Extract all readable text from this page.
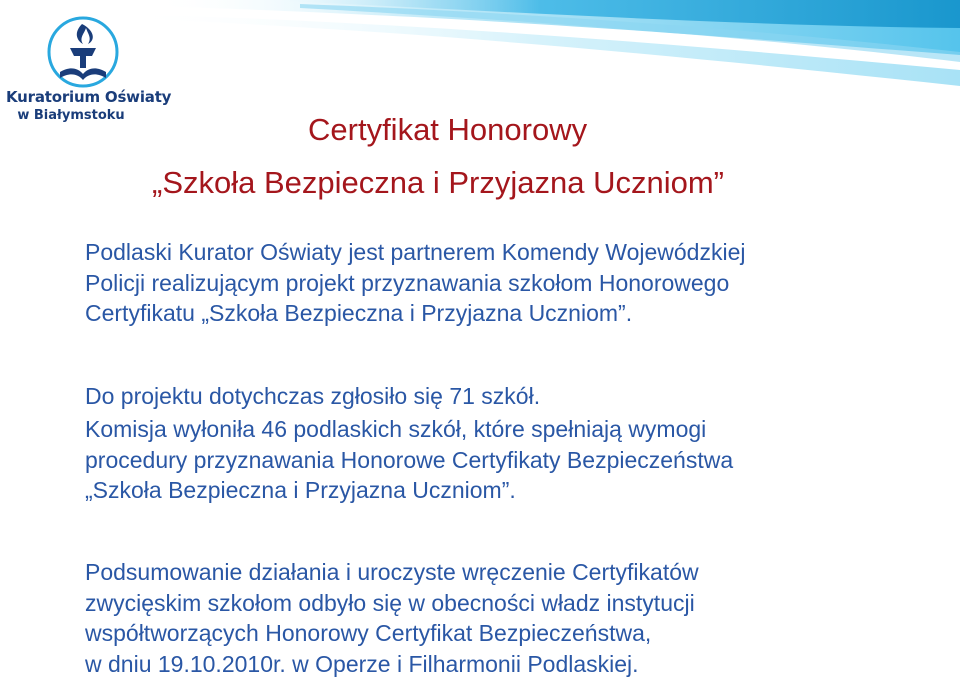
Kuratorium Oświaty
w Białymstoku	Certyfikat Honorowy
„Szkoła Bezpieczna i Przyjazna Uczniom”
Podlaski Kurator Oświaty jest partnerem Komendy Wojewódzkiej
Policji realizującym projekt przyznawania szkołom Honorowego
Certyfikatu „Szkoła Bezpieczna i Przyjazna Uczniom”.
Do projektu dotychczas zgłosiło się 71 szkół.
Komisja wyłoniła 46 podlaskich szkół, które spełniają wymogi
procedury przyznawania Honorowe Certyfikaty Bezpieczeństwa
„Szkoła Bezpieczna i Przyjazna Uczniom”.
Podsumowanie działania i uroczyste wręczenie Certyfikatów
zwycięskim szkołom odbyło się w obecności władz instytucji
współtworzących Honorowy Certyfikat Bezpieczeństwa,
w dniu 19.10.2010r. w Operze i Filharmonii Podlaskiej.
